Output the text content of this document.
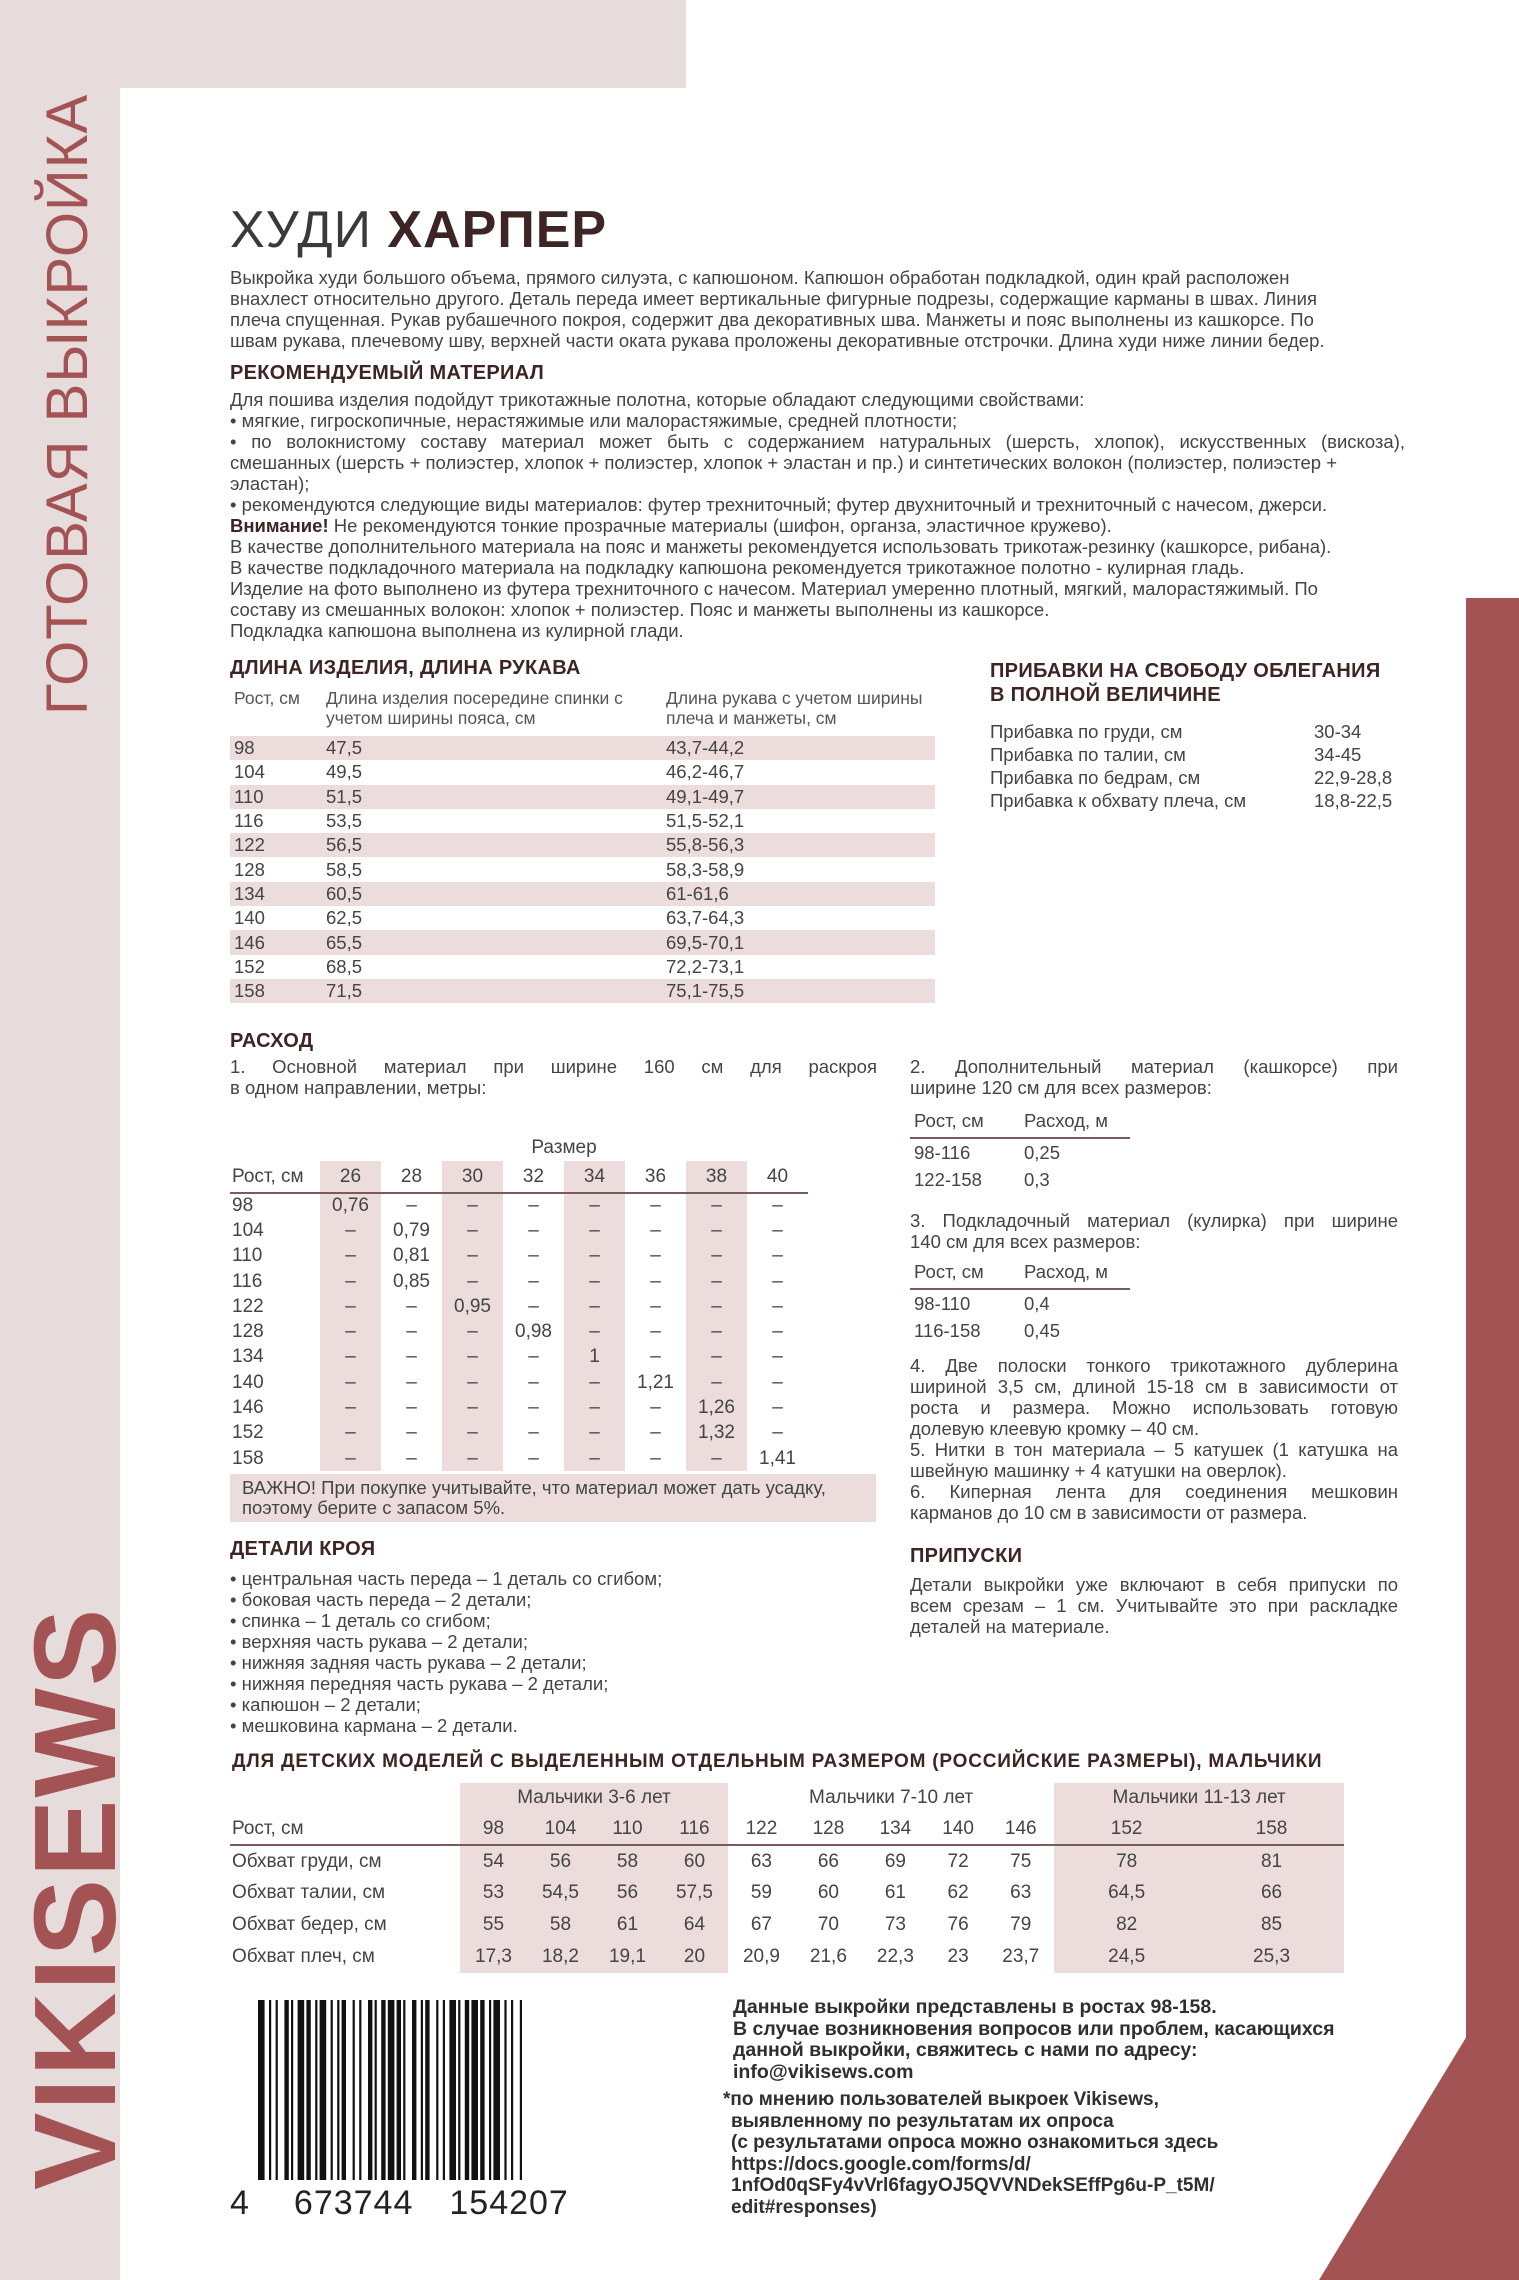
ГОТОВАЯ ВЫКРОЙКА
VIKISEWS
ХУДИ ХАРПЕР
Выкройка худи большого объема, прямого силуэта, с капюшоном. Капюшон обработан подкладкой, один край расположен
внахлест относительно другого. Деталь переда имеет вертикальные фигурные подрезы, содержащие карманы в швах. Линия
плеча спущенная. Рукав рубашечного покроя, содержит два декоративных шва. Манжеты и пояс выполнены из кашкорсе. По
швам рукава, плечевому шву, верхней части оката рукава проложены декоративные отстрочки. Длина худи ниже линии бедер.
РЕКОМЕНДУЕМЫЙ МАТЕРИАЛ
Для пошива изделия подойдут трикотажные полотна, которые обладают следующими свойствами:
• мягкие, гигроскопичные, нерастяжимые или малорастяжимые, средней плотности;
• по волокнистому составу материал может быть с содержанием натуральных (шерсть, хлопок), искусственных (вискоза),
смешанных (шерсть + полиэстер, хлопок + полиэстер, хлопок + эластан и пр.) и синтетических волокон (полиэстер, полиэстер +
эластан);
• рекомендуются следующие виды материалов: футер трехниточный; футер двухниточный и трехниточный с начесом, джерси.
Внимание! Не рекомендуются тонкие прозрачные материалы (шифон, органза, эластичное кружево).
В качестве дополнительного материала на пояс и манжеты рекомендуется использовать трикотаж-резинку (кашкорсе, рибана).
В качестве подкладочного материала на подкладку капюшона рекомендуется трикотажное полотно - кулирная гладь.
Изделие на фото выполнено из футера трехниточного с начесом. Материал умеренно плотный, мягкий, малорастяжимый. По
составу из смешанных волокон: хлопок + полиэстер. Пояс и манжеты выполнены из кашкорсе.
Подкладка капюшона выполнена из кулирной глади.
ДЛИНА ИЗДЕЛИЯ, ДЛИНА РУКАВА
Рост, см	Длина изделия посередине спинки с учетом ширины пояса, см	Длина рукава с учетом ширины плеча и манжеты, см
98	47,5	43,7-44,2
104	49,5	46,2-46,7
110	51,5	49,1-49,7
116	53,5	51,5-52,1
122	56,5	55,8-56,3
128	58,5	58,3-58,9
134	60,5	61-61,6
140	62,5	63,7-64,3
146	65,5	69,5-70,1
152	68,5	72,2-73,1
158	71,5	75,1-75,5
ПРИБАВКИ НА СВОБОДУ ОБЛЕГАНИЯ
В ПОЛНОЙ ВЕЛИЧИНЕ
Прибавка по груди, см	30-34
Прибавка по талии, см	34-45
Прибавка по бедрам, см	22,9-28,8
Прибавка к обхвату плеча, см	18,8-22,5
РАСХОД
1. Основной материал при ширине 160 см для раскроя
в одном направлении, метры:
	Размер							
Рост, см	26	28	30	32	34	36	38	40
98	0,76	–	–	–	–	–	–	–
104	–	0,79	–	–	–	–	–	–
110	–	0,81	–	–	–	–	–	–
116	–	0,85	–	–	–	–	–	–
122	–	–	0,95	–	–	–	–	–
128	–	–	–	0,98	–	–	–	–
134	–	–	–	–	1	–	–	–
140	–	–	–	–	–	1,21	–	–
146	–	–	–	–	–	–	1,26	–
152	–	–	–	–	–	–	1,32	–
158	–	–	–	–	–	–	–	1,41
ВАЖНО! При покупке учитывайте, что материал может дать усадку,
поэтому берите с запасом 5%.
2. Дополнительный материал (кашкорсе) при
ширине 120 см для всех размеров:
Рост, см	Расход, м
98-116	0,25
122-158	0,3
3. Подкладочный материал (кулирка) при ширине
140 см для всех размеров:
Рост, см	Расход, м
98-110	0,4
116-158	0,45
4. Две полоски тонкого трикотажного дублерина
шириной 3,5 см, длиной 15-18 см в зависимости от
роста и размера. Можно использовать готовую
долевую клеевую кромку – 40 см.
5. Нитки в тон материала – 5 катушек (1 катушка на
швейную машинку + 4 катушки на оверлок).
6. Киперная лента для соединения мешковин
карманов до 10 см в зависимости от размера.
ПРИПУСКИ
Детали выкройки уже включают в себя припуски по
всем срезам – 1 см. Учитывайте это при раскладке
деталей на материале.
ДЕТАЛИ КРОЯ
• центральная часть переда – 1 деталь со сгибом;
• боковая часть переда – 2 детали;
• спинка – 1 деталь со сгибом;
• верхняя часть рукава – 2 детали;
• нижняя задняя часть рукава – 2 детали;
• нижняя передняя часть рукава – 2 детали;
• капюшон – 2 детали;
• мешковина кармана – 2 детали.
ДЛЯ ДЕТСКИХ МОДЕЛЕЙ С ВЫДЕЛЕННЫМ ОТДЕЛЬНЫМ РАЗМЕРОМ (РОССИЙСКИЕ РАЗМЕРЫ), МАЛЬЧИКИ
	Мальчики 3-6 лет				Мальчики 7-10 лет					Мальчики 11-13 лет	
Рост, см	98	104	110	116	122	128	134	140	146	152	158
Обхват груди, см	54	56	58	60	63	66	69	72	75	78	81
Обхват талии, см	53	54,5	56	57,5	59	60	61	62	63	64,5	66
Обхват бедер, см	55	58	61	64	67	70	73	76	79	82	85
Обхват плеч, см	17,3	18,2	19,1	20	20,9	21,6	22,3	23	23,7	24,5	25,3
4 673744 154207
Данные выкройки представлены в ростах 98-158.
В случае возникновения вопросов или проблем, касающихся
данной выкройки, свяжитесь с нами по адресу:
info@vikisews.com
*по мнению пользователей выкроек Vikisews,
выявленному по результатам их опроса
(с результатами опроса можно ознакомиться здесь
https://docs.google.com/forms/d/
1nfOd0qSFy4vVrl6fagyOJ5QVVNDekSEffPg6u-P_t5M/
edit#responses)
